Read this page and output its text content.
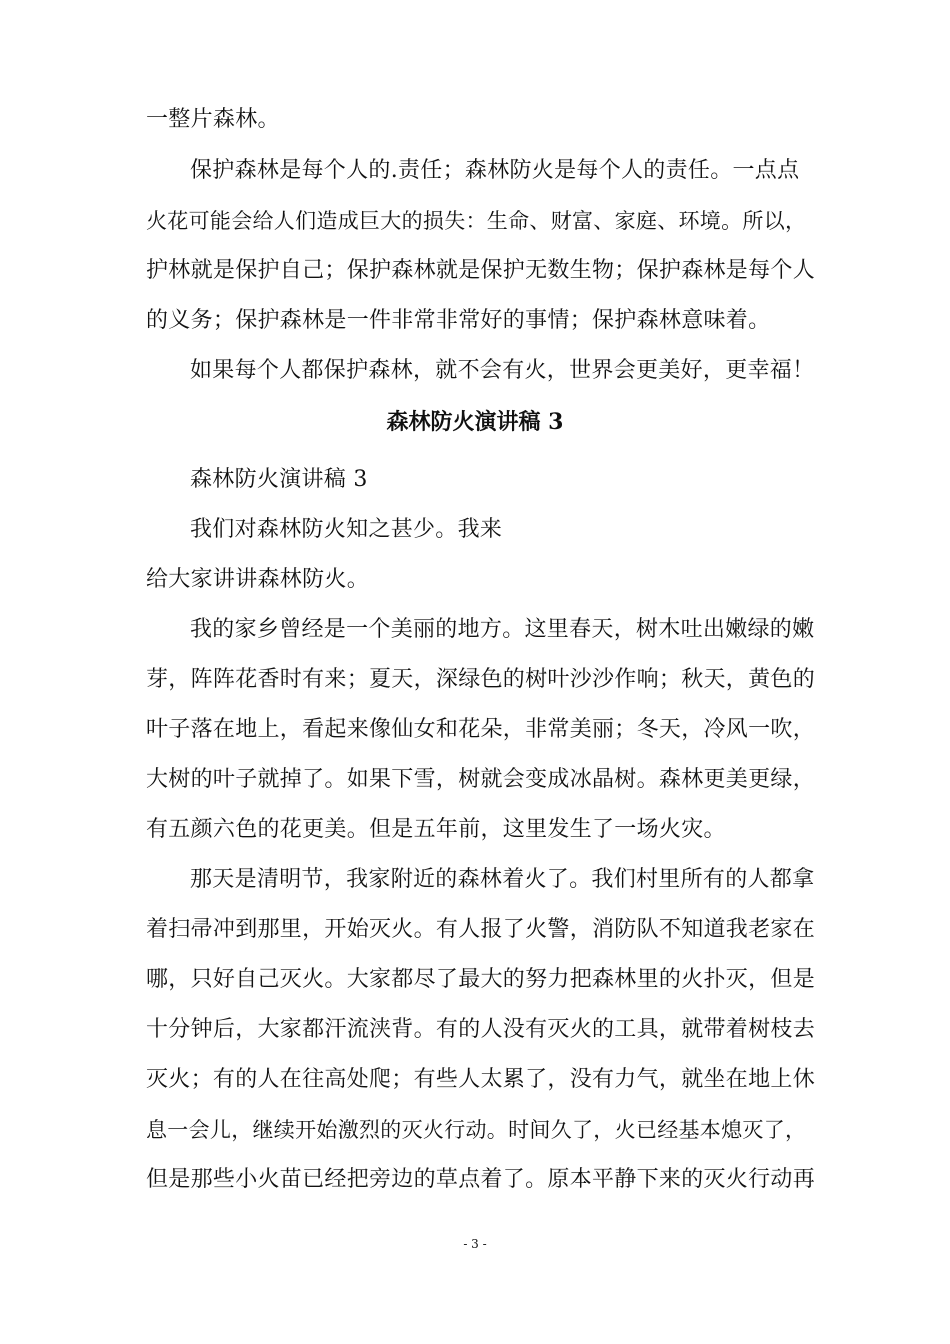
一整片森林。
保护森林是每个人的.责任；森林防火是每个人的责任。一点点
火花可能会给人们造成巨大的损失：生命、财富、家庭、环境。所以，
护林就是保护自己；保护森林就是保护无数生物；保护森林是每个人
的义务；保护森林是一件非常非常好的事情；保护森林意味着。
如果每个人都保护森林，就不会有火，世界会更美好，更幸福！
森林防火演讲稿 3
森林防火演讲稿 3
我们对森林防火知之甚少。我来
给大家讲讲森林防火。
我的家乡曾经是一个美丽的地方。这里春天，树木吐出嫩绿的嫩
芽，阵阵花香时有来；夏天，深绿色的树叶沙沙作响；秋天，黄色的
叶子落在地上，看起来像仙女和花朵，非常美丽；冬天，冷风一吹，
大树的叶子就掉了。如果下雪，树就会变成冰晶树。森林更美更绿，
有五颜六色的花更美。但是五年前，这里发生了一场火灾。
那天是清明节，我家附近的森林着火了。我们村里所有的人都拿
着扫帚冲到那里，开始灭火。有人报了火警，消防队不知道我老家在
哪，只好自己灭火。大家都尽了最大的努力把森林里的火扑灭，但是
十分钟后，大家都汗流浃背。有的人没有灭火的工具，就带着树枝去
灭火；有的人在往高处爬；有些人太累了，没有力气，就坐在地上休
息一会儿，继续开始激烈的灭火行动。时间久了，火已经基本熄灭了，
但是那些小火苗已经把旁边的草点着了。原本平静下来的灭火行动再
- 3 -
